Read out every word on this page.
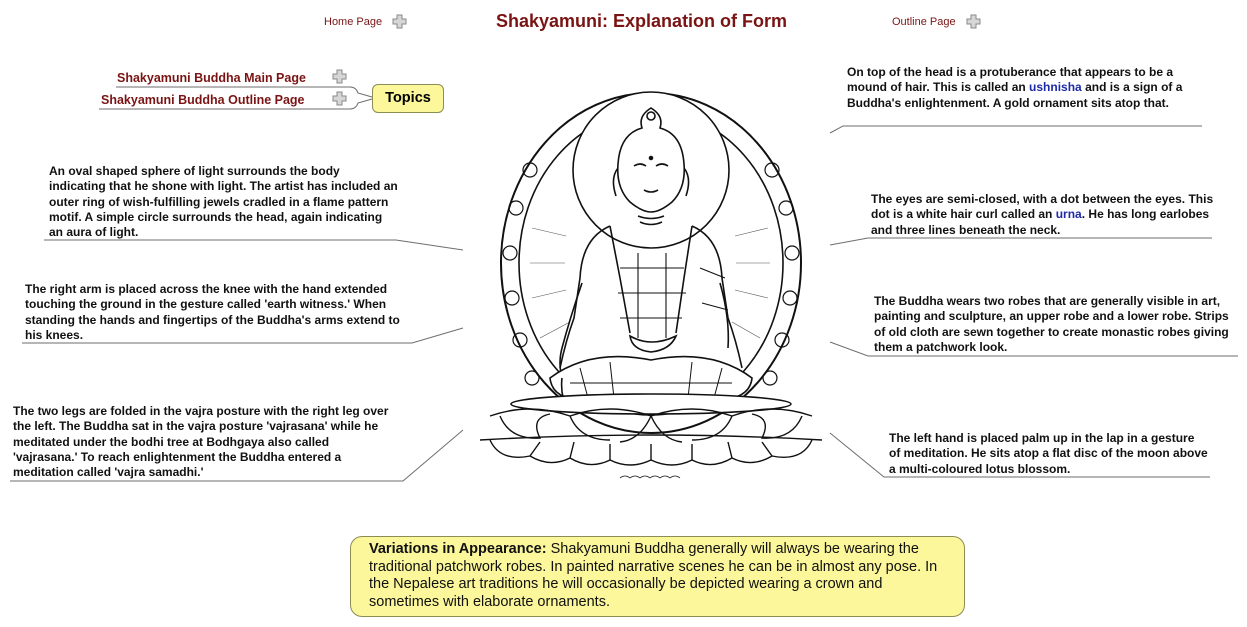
Home Page	Shakyamuni: Explanation of Form	Outline Page
Shakyamuni Buddha Main Page
Shakyamuni Buddha Outline Page	Topics
An oval shaped sphere of light surrounds the body indicating that he shone with light. The artist has included an outer ring of wish-fulfilling jewels cradled in a flame pattern motif. A simple circle surrounds the head, again indicating an aura of light.
The right arm is placed across the knee with the hand extended touching the ground in the gesture called 'earth witness.' When standing the hands and fingertips of the Buddha's arms extend to his knees.
The two legs are folded in the vajra posture with the right leg over the left. The Buddha sat in the vajra posture 'vajrasana' while he meditated under the bodhi tree at Bodhgaya also called 'vajrasana.' To reach enlightenment the Buddha entered a meditation called 'vajra samadhi.'
On top of the head is a protuberance that appears to be a mound of hair. This is called an ushnisha and is a sign of a Buddha's enlightenment. A gold ornament sits atop that.
The eyes are semi-closed, with a dot between the eyes. This dot is a white hair curl called an urna. He has long earlobes and three lines beneath the neck.
The Buddha wears two robes that are generally visible in art, painting and sculpture, an upper robe and a lower robe. Strips of old cloth are sewn together to create monastic robes giving them a patchwork look.
The left hand is placed palm up in the lap in a gesture of meditation. He sits atop a flat disc of the moon above a multi-coloured lotus blossom.
Variations in Appearance: Shakyamuni Buddha generally will always be wearing the traditional patchwork robes. In painted narrative scenes he can be in almost any pose. In the Nepalese art traditions he will occasionally be depicted wearing a crown and sometimes with elaborate ornaments.
